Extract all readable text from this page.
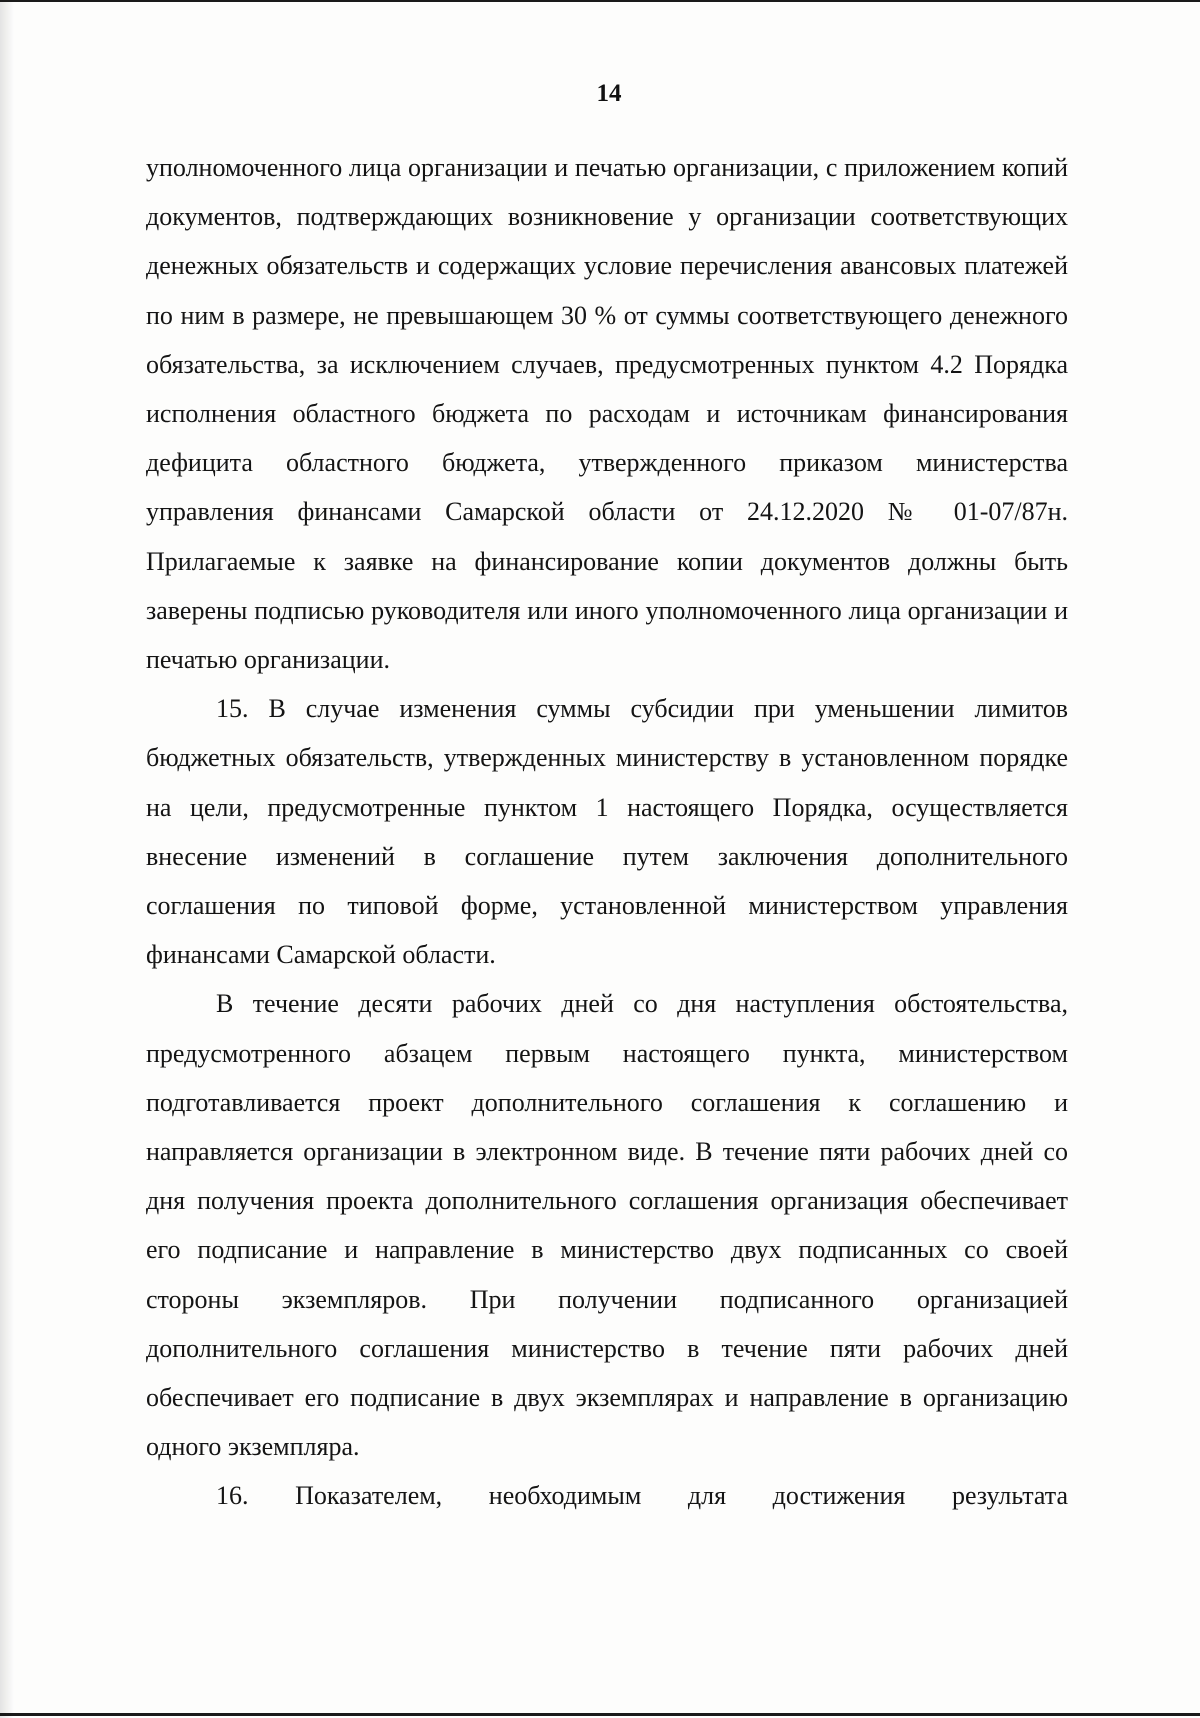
14

уполномоченного лица организации и печатью организации, с приложением копий документов, подтверждающих возникновение у организации соответствующих денежных обязательств и содержащих условие перечисления авансовых платежей по ним в размере, не превышающем 30 % от суммы соответствующего денежного обязательства, за исключением случаев, предусмотренных пунктом 4.2 Порядка исполнения областного бюджета по расходам и источникам финансирования дефицита областного бюджета, утвержденного приказом министерства управления финансами Самарской области от 24.12.2020 № 01-07/87н. Прилагаемые к заявке на финансирование копии документов должны быть заверены подписью руководителя или иного уполномоченного лица организации и печатью организации.

15. В случае изменения суммы субсидии при уменьшении лимитов бюджетных обязательств, утвержденных министерству в установленном порядке на цели, предусмотренные пунктом 1 настоящего Порядка, осуществляется внесение изменений в соглашение путем заключения дополнительного соглашения по типовой форме, установленной министерством управления финансами Самарской области.

В течение десяти рабочих дней со дня наступления обстоятельства, предусмотренного абзацем первым настоящего пункта, министерством подготавливается проект дополнительного соглашения к соглашению и направляется организации в электронном виде. В течение пяти рабочих дней со дня получения проекта дополнительного соглашения организация обеспечивает его подписание и направление в министерство двух подписанных со своей стороны экземпляров. При получении подписанного организацией дополнительного соглашения министерство в течение пяти рабочих дней обеспечивает его подписание в двух экземплярах и направление в организацию одного экземпляра.

16. Показателем, необходимым для достижения результата
